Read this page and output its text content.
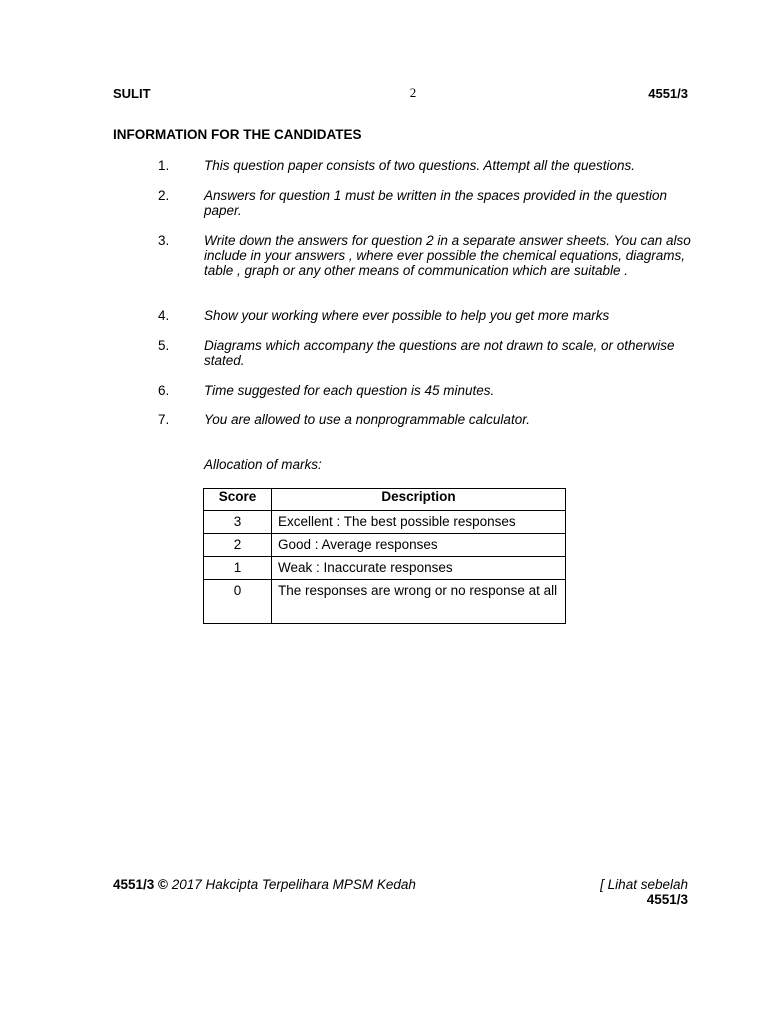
SULIT	2	4551/3
INFORMATION FOR THE CANDIDATES
1.	This question paper consists of two questions. Attempt all the questions.
2.	Answers for question 1 must be written in the spaces provided in the question paper.
3.	Write down the answers for question 2 in a separate answer sheets. You can also include in your answers , where ever possible the chemical equations, diagrams, table , graph or any other means of communication which are suitable .
4.	Show your working where ever possible to help you get more marks
5.	Diagrams which accompany the questions are not drawn to scale, or otherwise stated.
6.	Time suggested for each question is 45 minutes.
7.	You are allowed to use a nonprogrammable calculator.
Allocation of marks:
Score	Description
3	Excellent : The best possible responses
2	Good : Average responses
1	Weak : Inaccurate responses
0	The responses are wrong or no response at all
4551/3 © 2017 Hakcipta Terpelihara MPSM Kedah	[ Lihat sebelah
4551/3
